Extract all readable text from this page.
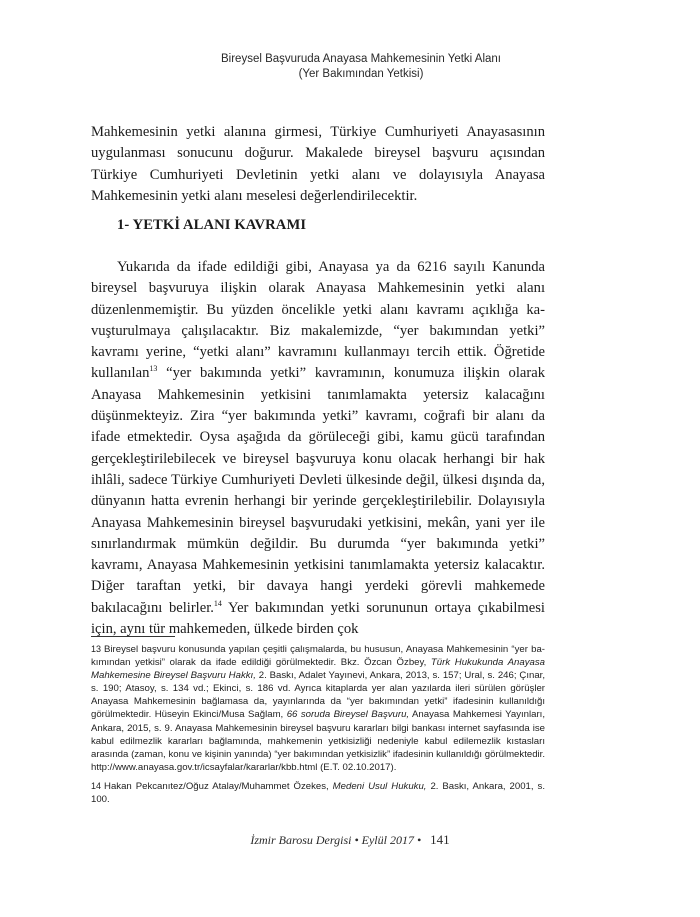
Bireysel Başvuruda Anayasa Mahkemesinin Yetki Alanı
(Yer Bakımından Yetkisi)

Mahkemesinin yetki alanına girmesi, Türkiye Cumhuriyeti Anayasasının uygulanması sonucunu doğurur. Makalede bireysel başvuru açısından Türkiye Cumhuriyeti Devletinin yetki alanı ve dolayısıyla Anayasa Mahkemesinin yetki alanı meselesi değerlendirilecektir.

1- YETKİ ALANI KAVRAMI

Yukarıda da ifade edildiği gibi, Anayasa ya da 6216 sayılı Kanunda bireysel başvuruya ilişkin olarak Anayasa Mahkemesinin yetki alanı düzenlenmemiştir. Bu yüzden öncelikle yetki alanı kavramı açıklığa kavuşturulmaya çalışılacaktır. Biz makalemizde, “yer bakımından yetki” kavramı yerine, “yetki alanı” kavramını kullanmayı tercih ettik. Öğretide kullanılan$^{13}$ “yer bakımında yetki” kavramının, konumuza ilişkin olarak Anayasa Mahkemesinin yetkisini tanımlamakta yetersiz kalacağını düşünmekteyiz. Zira “yer bakımında yetki” kavramı, coğrafi bir alanı da ifade etmektedir. Oysa aşağıda da görüleceği gibi, kamu gücü tarafından gerçekleştirilebilecek ve bireysel başvuruya konu olacak herhangi bir hak ihlâli, sadece Türkiye Cumhuriyeti Devleti ülkesinde değil, ülkesi dışında da, dünyanın hatta evrenin herhangi bir yerinde gerçekleştirilebilir. Dolayısıyla Anayasa Mahkemesinin bireysel başvurudaki yetkisini, mekân, yani yer ile sınırlandırmak mümkün değildir. Bu durumda “yer bakımında yetki” kavramı, Anayasa Mahkemesinin yetkisini tanımlamakta yetersiz kalacaktır. Diğer taraftan yetki, bir davaya hangi yerdeki görevli mahkemede bakılacağını belirler.$^{14}$ Yer bakımından yetki sorununun ortaya çıkabilmesi için, aynı tür mahkemeden, ülkede birden çok

13 Bireysel başvuru konusunda yapılan çeşitli çalışmalarda, bu hususun, Anayasa Mahkemesinin “yer bakımından yetkisi” olarak da ifade edildiği görülmektedir. Bkz. Özcan Özbey, Türk Hukukunda Anayasa Mahkemesine Bireysel Başvuru Hakkı, 2. Baskı, Adalet Yayınevi, Ankara, 2013, s. 157; Ural, s. 246; Çınar, s. 190; Atasoy, s. 134 vd.; Ekinci, s. 186 vd. Ayrıca kitaplarda yer alan yazılarda ileri sürülen görüşler Anayasa Mahkemesinin bağlamasa da, yayınlarında da “yer bakımından yetki” ifadesinin kullanıldığı görülmektedir. Hüseyin Ekinci/Musa Sağlam, 66 soruda Bireysel Başvuru, Anayasa Mahkemesi Yayınları, Ankara, 2015, s. 9. Anayasa Mahkemesinin bireysel başvuru kararları bilgi bankası internet sayfasında ise kabul edilmezlik kararları bağlamında, mahkemenin yetkisizliği nedeniyle kabul edilemezlik kıstasları arasında (zaman, konu ve kişinin yanında) “yer bakımından yetkisizlik” ifadesinin kullanıldığı görülmektedir. http://www.anayasa.gov.tr/icsayfalar/kararlar/kbb.html (E.T. 02.10.2017).

14 Hakan Pekcanıtez/Oğuz Atalay/Muhammet Özekes, Medeni Usul Hukuku, 2. Baskı, Ankara, 2001, s. 100.

İzmir Barosu Dergisi • Eylül 2017 • 141
